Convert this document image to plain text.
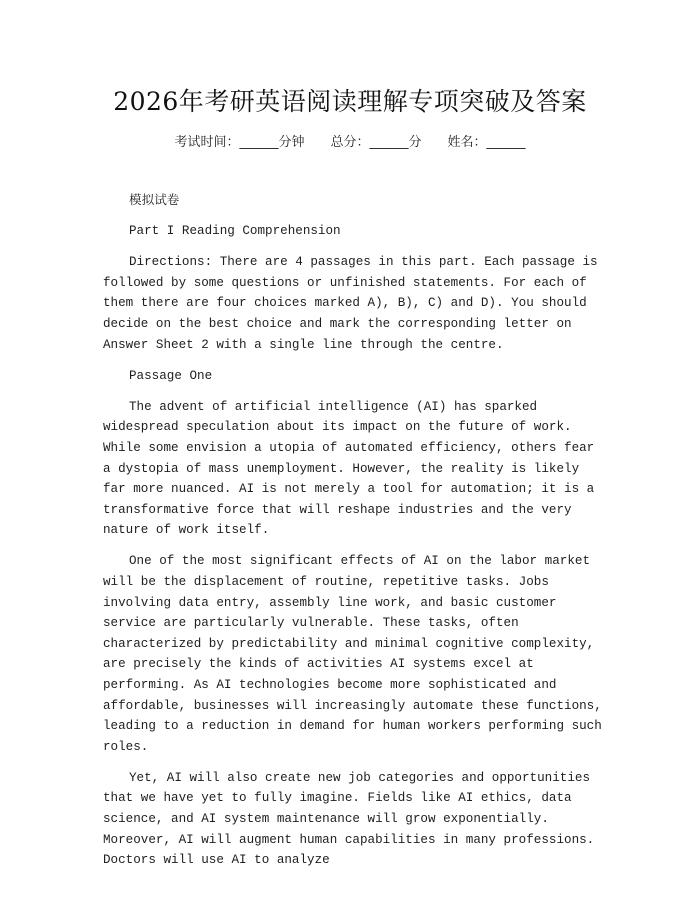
2026年考研英语阅读理解专项突破及答案
考试时间：______分钟 总分：______分 姓名：______

模拟试卷

Part I Reading Comprehension

Directions: There are 4 passages in this part. Each passage is followed by some questions or unfinished statements. For each of them there are four choices marked A), B), C) and D). You should decide on the best choice and mark the corresponding letter on Answer Sheet 2 with a single line through the centre.

Passage One

The advent of artificial intelligence (AI) has sparked widespread speculation about its impact on the future of work. While some envision a utopia of automated efficiency, others fear a dystopia of mass unemployment. However, the reality is likely far more nuanced. AI is not merely a tool for automation; it is a transformative force that will reshape industries and the very nature of work itself.

One of the most significant effects of AI on the labor market will be the displacement of routine, repetitive tasks. Jobs involving data entry, assembly line work, and basic customer service are particularly vulnerable. These tasks, often characterized by predictability and minimal cognitive complexity, are precisely the kinds of activities AI systems excel at performing. As AI technologies become more sophisticated and affordable, businesses will increasingly automate these functions, leading to a reduction in demand for human workers performing such roles.

Yet, AI will also create new job categories and opportunities that we have yet to fully imagine. Fields like AI ethics, data science, and AI system maintenance will grow exponentially. Moreover, AI will augment human capabilities in many professions. Doctors will use AI to analyze
